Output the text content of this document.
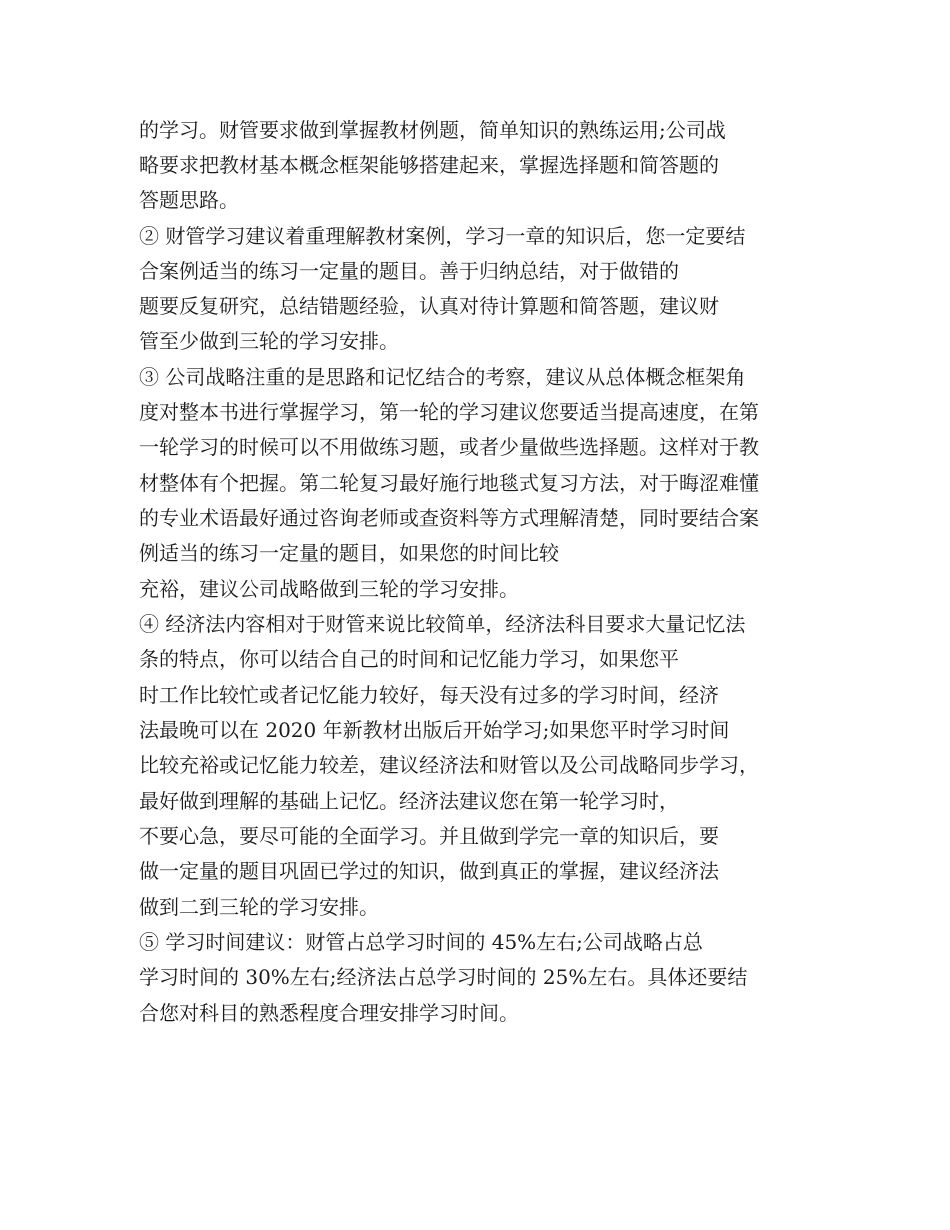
的学习。财管要求做到掌握教材例题，简单知识的熟练运用;公司战
略要求把教材基本概念框架能够搭建起来，掌握选择题和简答题的
答题思路。
② 财管学习建议着重理解教材案例，学习一章的知识后，您一定要结
合案例适当的练习一定量的题目。善于归纳总结，对于做错的
题要反复研究，总结错题经验，认真对待计算题和简答题，建议财
管至少做到三轮的学习安排。
③ 公司战略注重的是思路和记忆结合的考察，建议从总体概念框架角
度对整本书进行掌握学习，第一轮的学习建议您要适当提高速度，在第
一轮学习的时候可以不用做练习题，或者少量做些选择题。这样对于教
材整体有个把握。第二轮复习最好施行地毯式复习方法，对于晦涩难懂
的专业术语最好通过咨询老师或查资料等方式理解清楚，同时要结合案
例适当的练习一定量的题目，如果您的时间比较
充裕，建议公司战略做到三轮的学习安排。
④ 经济法内容相对于财管来说比较简单，经济法科目要求大量记忆法
条的特点，你可以结合自己的时间和记忆能力学习，如果您平
时工作比较忙或者记忆能力较好，每天没有过多的学习时间，经济
法最晚可以在 2020 年新教材出版后开始学习;如果您平时学习时间
比较充裕或记忆能力较差，建议经济法和财管以及公司战略同步学习，
最好做到理解的基础上记忆。经济法建议您在第一轮学习时，
不要心急，要尽可能的全面学习。并且做到学完一章的知识后，要
做一定量的题目巩固已学过的知识，做到真正的掌握，建议经济法
做到二到三轮的学习安排。
⑤ 学习时间建议：财管占总学习时间的 45%左右;公司战略占总
学习时间的 30%左右;经济法占总学习时间的 25%左右。具体还要结
合您对科目的熟悉程度合理安排学习时间。
